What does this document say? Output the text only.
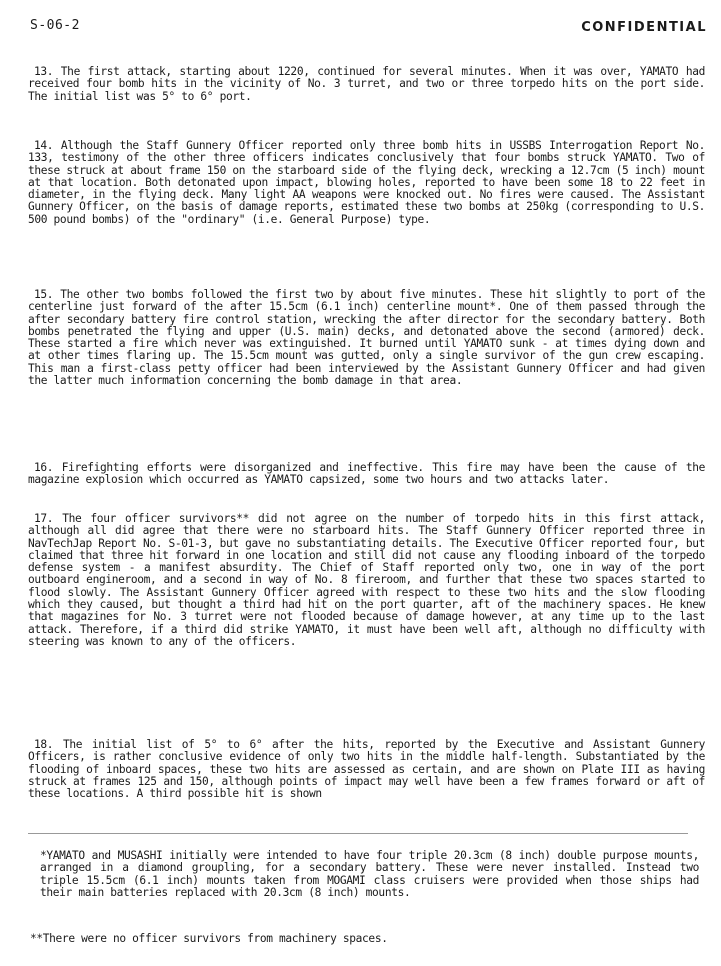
S-06-2	CONFIDENTIAL
13. The first attack, starting about 1220, continued for several minutes. When it was over, YAMATO had received four bomb hits in the vicinity of No. 3 turret, and two or three torpedo hits on the port side. The initial list was 5° to 6° port.
14. Although the Staff Gunnery Officer reported only three bomb hits in USSBS Interrogation Report No. 133, testimony of the other three officers indicates conclusively that four bombs struck YAMATO. Two of these struck at about frame 150 on the starboard side of the flying deck, wrecking a 12.7cm (5 inch) mount at that location. Both detonated upon impact, blowing holes, reported to have been some 18 to 22 feet in diameter, in the flying deck. Many light AA weapons were knocked out. No fires were caused. The Assistant Gunnery Officer, on the basis of damage reports, estimated these two bombs at 250kg (corresponding to U.S. 500 pound bombs) of the "ordinary" (i.e. General Purpose) type.
15. The other two bombs followed the first two by about five minutes. These hit slightly to port of the centerline just forward of the after 15.5cm (6.1 inch) centerline mount*. One of them passed through the after secondary battery fire control station, wrecking the after director for the secondary battery. Both bombs penetrated the flying and upper (U.S. main) decks, and detonated above the second (armored) deck. These started a fire which never was extinguished. It burned until YAMATO sunk - at times dying down and at other times flaring up. The 15.5cm mount was gutted, only a single survivor of the gun crew escaping. This man a first-class petty officer had been interviewed by the Assistant Gunnery Officer and had given the latter much information concerning the bomb damage in that area.
16. Firefighting efforts were disorganized and ineffective. This fire may have been the cause of the magazine explosion which occurred as YAMATO capsized, some two hours and two attacks later.
17. The four officer survivors** did not agree on the number of torpedo hits in this first attack, although all did agree that there were no starboard hits. The Staff Gunnery Officer reported three in NavTechJap Report No. S-01-3, but gave no substantiating details. The Executive Officer reported four, but claimed that three hit forward in one location and still did not cause any flooding inboard of the torpedo defense system - a manifest absurdity. The Chief of Staff reported only two, one in way of the port outboard engineroom, and a second in way of No. 8 fireroom, and further that these two spaces started to flood slowly. The Assistant Gunnery Officer agreed with respect to these two hits and the slow flooding which they caused, but thought a third had hit on the port quarter, aft of the machinery spaces. He knew that magazines for No. 3 turret were not flooded because of damage however, at any time up to the last attack. Therefore, if a third did strike YAMATO, it must have been well aft, although no difficulty with steering was known to any of the officers.
18. The initial list of 5° to 6° after the hits, reported by the Executive and Assistant Gunnery Officers, is rather conclusive evidence of only two hits in the middle half-length. Substantiated by the flooding of inboard spaces, these two hits are assessed as certain, and are shown on Plate III as having struck at frames 125 and 150, although points of impact may well have been a few frames forward or aft of these locations. A third possible hit is shown
*YAMATO and MUSASHI initially were intended to have four triple 20.3cm (8 inch) double purpose mounts, arranged in a diamond groupling, for a secondary battery. These were never installed. Instead two triple 15.5cm (6.1 inch) mounts taken from MOGAMI class cruisers were provided when those ships had their main batteries replaced with 20.3cm (8 inch) mounts.
**There were no officer survivors from machinery spaces.
